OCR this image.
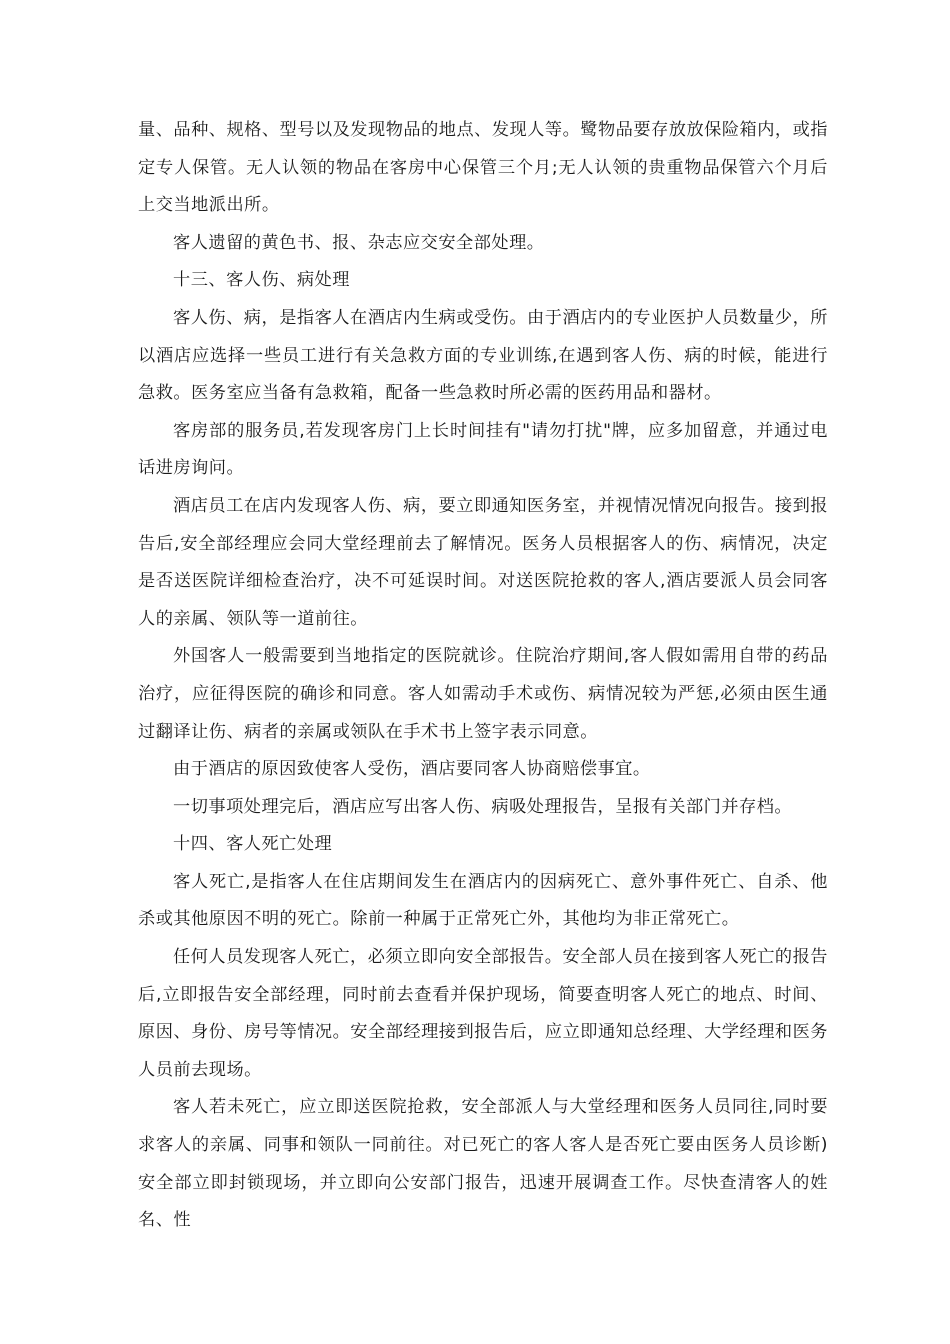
量、品种、规格、型号以及发现物品的地点、发现人等。鹭物品要存放放保险箱内，或指定专人保管。无人认领的物品在客房中心保管三个月;无人认领的贵重物品保管六个月后上交当地派出所。

客人遗留的黄色书、报、杂志应交安全部处理。

十三、客人伤、病处理

客人伤、病，是指客人在酒店内生病或受伤。由于酒店内的专业医护人员数量少，所以酒店应选择一些员工进行有关急救方面的专业训练,在遇到客人伤、病的时候，能进行急救。医务室应当备有急救箱，配备一些急救时所必需的医药用品和器材。

客房部的服务员,若发现客房门上长时间挂有"请勿打扰"牌，应多加留意，并通过电话进房询问。

酒店员工在店内发现客人伤、病，要立即通知医务室，并视情况情况向报告。接到报告后,安全部经理应会同大堂经理前去了解情况。医务人员根据客人的伤、病情况，决定是否送医院详细检查治疗，决不可延误时间。对送医院抢救的客人,酒店要派人员会同客人的亲属、领队等一道前往。

外国客人一般需要到当地指定的医院就诊。住院治疗期间,客人假如需用自带的药品治疗，应征得医院的确诊和同意。客人如需动手术或伤、病情况较为严惩,必须由医生通过翻译让伤、病者的亲属或领队在手术书上签字表示同意。

由于酒店的原因致使客人受伤，酒店要同客人协商赔偿事宜。

一切事项处理完后，酒店应写出客人伤、病吸处理报告，呈报有关部门并存档。

十四、客人死亡处理

客人死亡,是指客人在住店期间发生在酒店内的因病死亡、意外事件死亡、自杀、他杀或其他原因不明的死亡。除前一种属于正常死亡外，其他均为非正常死亡。

任何人员发现客人死亡，必须立即向安全部报告。安全部人员在接到客人死亡的报告后,立即报告安全部经理，同时前去查看并保护现场，简要查明客人死亡的地点、时间、原因、身份、房号等情况。安全部经理接到报告后，应立即通知总经理、大学经理和医务人员前去现场。

客人若未死亡，应立即送医院抢救，安全部派人与大堂经理和医务人员同往,同时要求客人的亲属、同事和领队一同前往。对已死亡的客人客人是否死亡要由医务人员诊断)安全部立即封锁现场，并立即向公安部门报告，迅速开展调查工作。尽快查清客人的姓名、性
